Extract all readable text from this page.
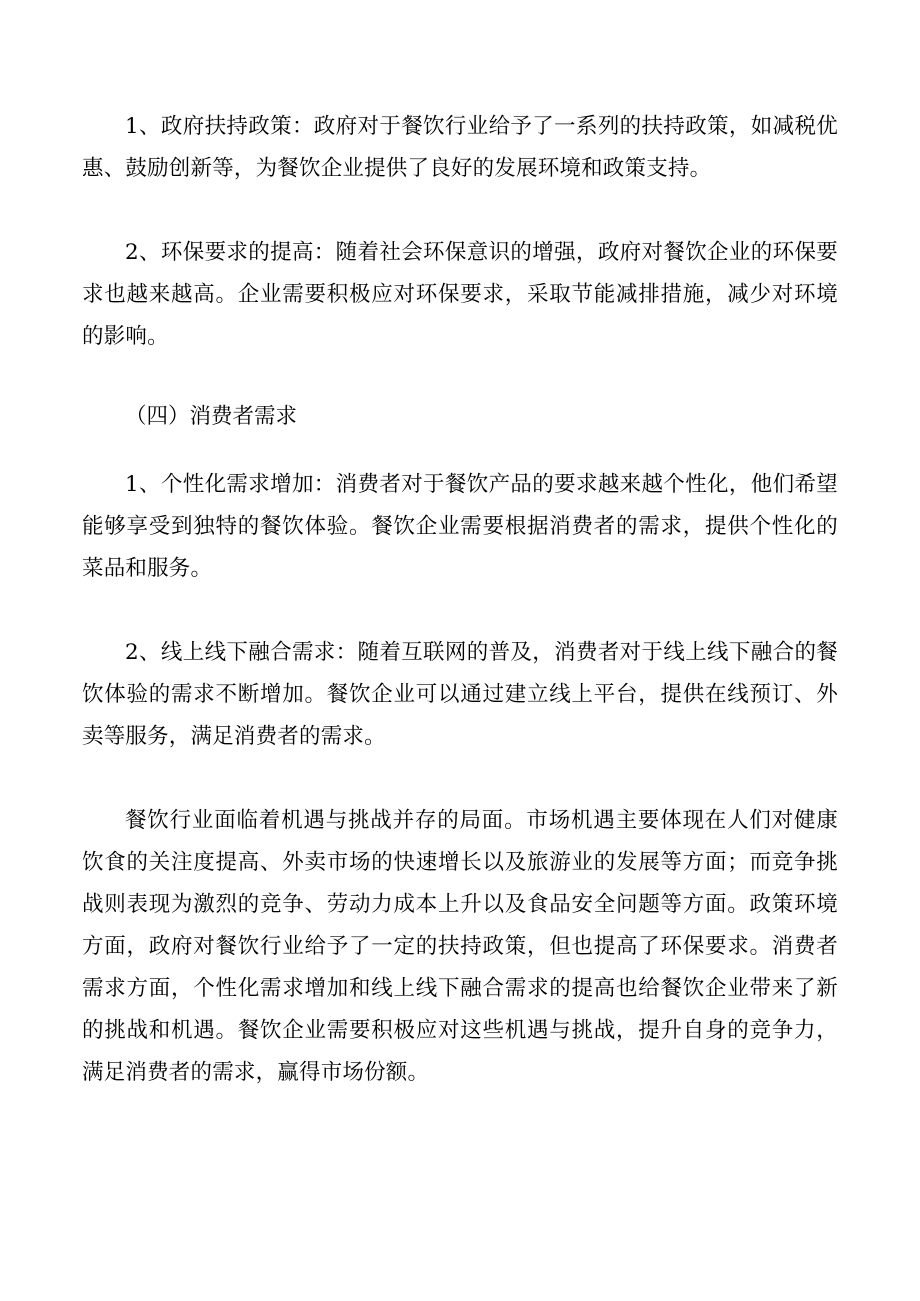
1、政府扶持政策：政府对于餐饮行业给予了一系列的扶持政策，如减税优惠、鼓励创新等，为餐饮企业提供了良好的发展环境和政策支持。

2、环保要求的提高：随着社会环保意识的增强，政府对餐饮企业的环保要求也越来越高。企业需要积极应对环保要求，采取节能减排措施，减少对环境的影响。

（四）消费者需求

1、个性化需求增加：消费者对于餐饮产品的要求越来越个性化，他们希望能够享受到独特的餐饮体验。餐饮企业需要根据消费者的需求，提供个性化的菜品和服务。

2、线上线下融合需求：随着互联网的普及，消费者对于线上线下融合的餐饮体验的需求不断增加。餐饮企业可以通过建立线上平台，提供在线预订、外卖等服务，满足消费者的需求。

餐饮行业面临着机遇与挑战并存的局面。市场机遇主要体现在人们对健康饮食的关注度提高、外卖市场的快速增长以及旅游业的发展等方面；而竞争挑战则表现为激烈的竞争、劳动力成本上升以及食品安全问题等方面。政策环境方面，政府对餐饮行业给予了一定的扶持政策，但也提高了环保要求。消费者需求方面，个性化需求增加和线上线下融合需求的提高也给餐饮企业带来了新的挑战和机遇。餐饮企业需要积极应对这些机遇与挑战，提升自身的竞争力，满足消费者的需求，赢得市场份额。
